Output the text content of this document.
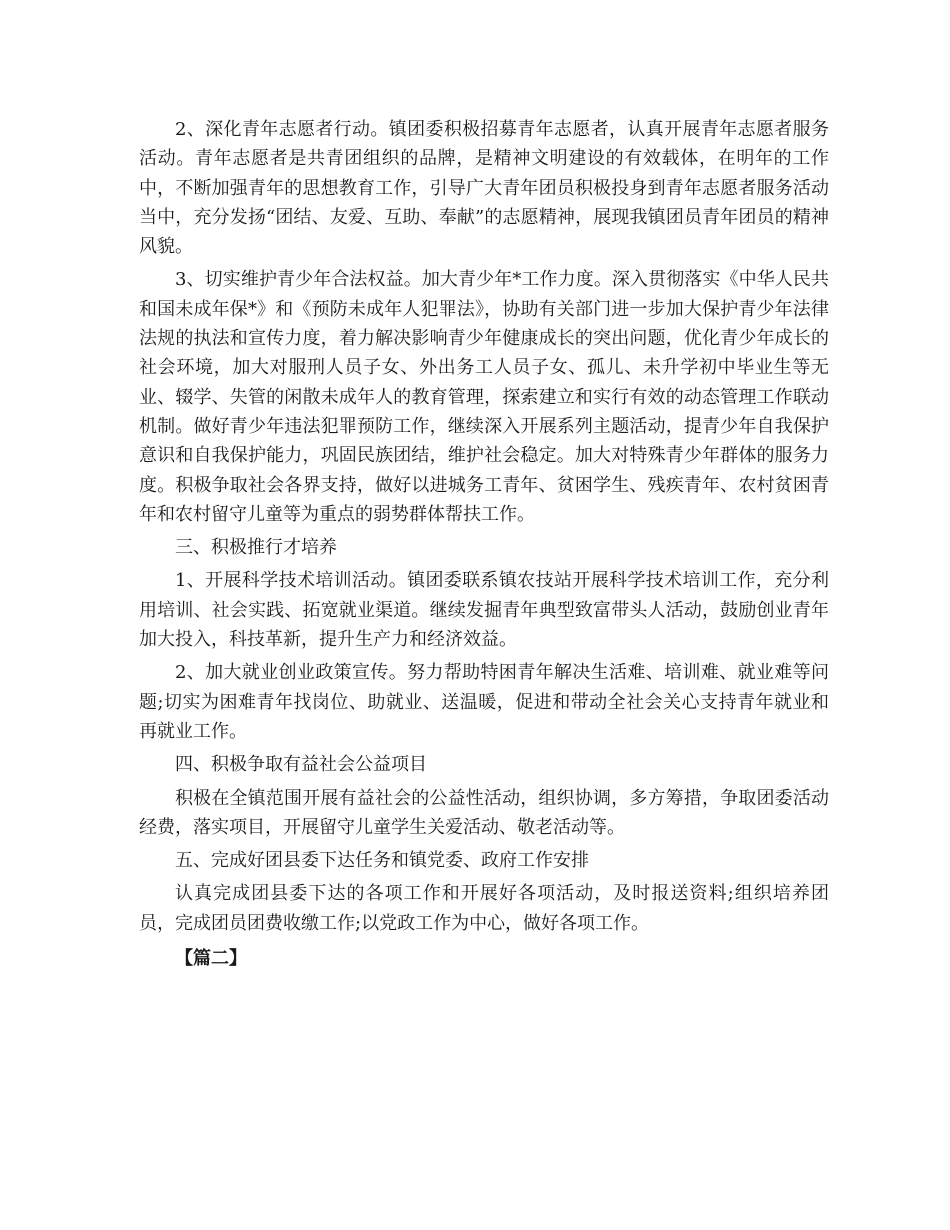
2、深化青年志愿者行动。镇团委积极招募青年志愿者，认真开展青年志愿者服务活动。青年志愿者是共青团组织的品牌，是精神文明建设的有效载体，在明年的工作中，不断加强青年的思想教育工作，引导广大青年团员积极投身到青年志愿者服务活动当中，充分发扬“团结、友爱、互助、奉献”的志愿精神，展现我镇团员青年团员的精神风貌。

3、切实维护青少年合法权益。加大青少年*工作力度。深入贯彻落实《中华人民共和国未成年保*》和《预防未成年人犯罪法》，协助有关部门进一步加大保护青少年法律法规的执法和宣传力度，着力解决影响青少年健康成长的突出问题，优化青少年成长的社会环境，加大对服刑人员子女、外出务工人员子女、孤儿、未升学初中毕业生等无业、辍学、失管的闲散未成年人的教育管理，探索建立和实行有效的动态管理工作联动机制。做好青少年违法犯罪预防工作，继续深入开展系列主题活动，提青少年自我保护意识和自我保护能力，巩固民族团结，维护社会稳定。加大对特殊青少年群体的服务力度。积极争取社会各界支持，做好以进城务工青年、贫困学生、残疾青年、农村贫困青年和农村留守儿童等为重点的弱势群体帮扶工作。

三、积极推行才培养

1、开展科学技术培训活动。镇团委联系镇农技站开展科学技术培训工作，充分利用培训、社会实践、拓宽就业渠道。继续发掘青年典型致富带头人活动，鼓励创业青年加大投入，科技革新，提升生产力和经济效益。

2、加大就业创业政策宣传。努力帮助特困青年解决生活难、培训难、就业难等问题;切实为困难青年找岗位、助就业、送温暖，促进和带动全社会关心支持青年就业和再就业工作。

四、积极争取有益社会公益项目

积极在全镇范围开展有益社会的公益性活动，组织协调，多方筹措，争取团委活动经费，落实项目，开展留守儿童学生关爱活动、敬老活动等。

五、完成好团县委下达任务和镇党委、政府工作安排

认真完成团县委下达的各项工作和开展好各项活动，及时报送资料;组织培养团员，完成团员团费收缴工作;以党政工作为中心，做好各项工作。

【篇二】
